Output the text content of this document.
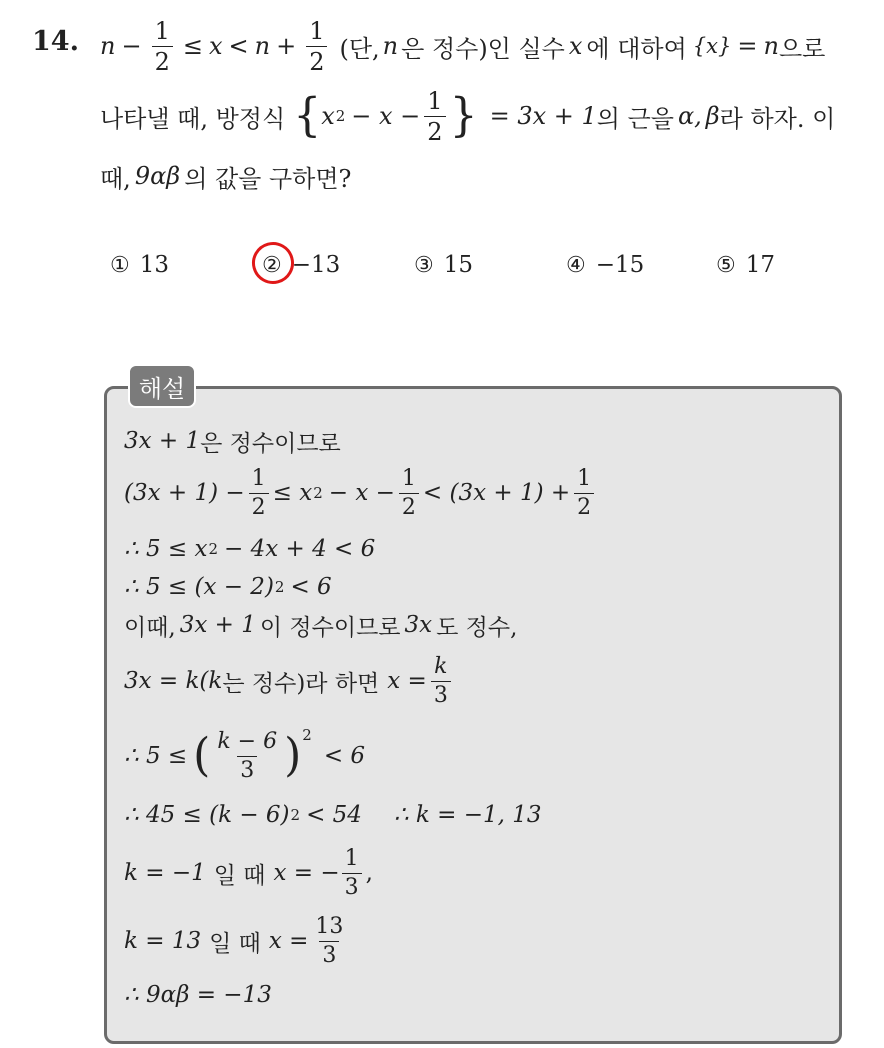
14. $n - \frac{1}{2} \le x < n + \frac{1}{2}$ (단, n 은 정수)인 실수 x 에 대하여 {x} = n 으로
나타낼 때, 방정식 { x $2 - x - \frac{1}{2}$ } = 3x + 1 의 근을 α, β 라 하자. 이
때, 9αβ 의 값을 구하면?
① 13	② −13	③ 15	④ −15	⑤ 17
해설
3x + 1 은 정수이므로
$(3x + 1) - \frac{1}{2} \le x$ $2 - x - \frac{1}{2} < (3x + 1) + \frac{1}{2}$
∴ 5 ≤ x 2 − 4x + 4 < 6
∴ 5 ≤ (x − 2) 2 < 6
이때, 3x + 1 이 정수이므로 3x 도 정수,
3x = k(k 는 정수)라 하면 $x = \frac{k}{3}$
∴ 5 ≤ ( $\frac{k - 6}{3}$ ) 2
< 6
∴ 45 ≤ (k − 6) 2 < 54 ∴ k = −1, 13
k = −1 일 때 x = − $\frac{1}{3}$ ,
k = 13 일 때 $x = \frac{13}{3}$
∴ 9αβ = −13
